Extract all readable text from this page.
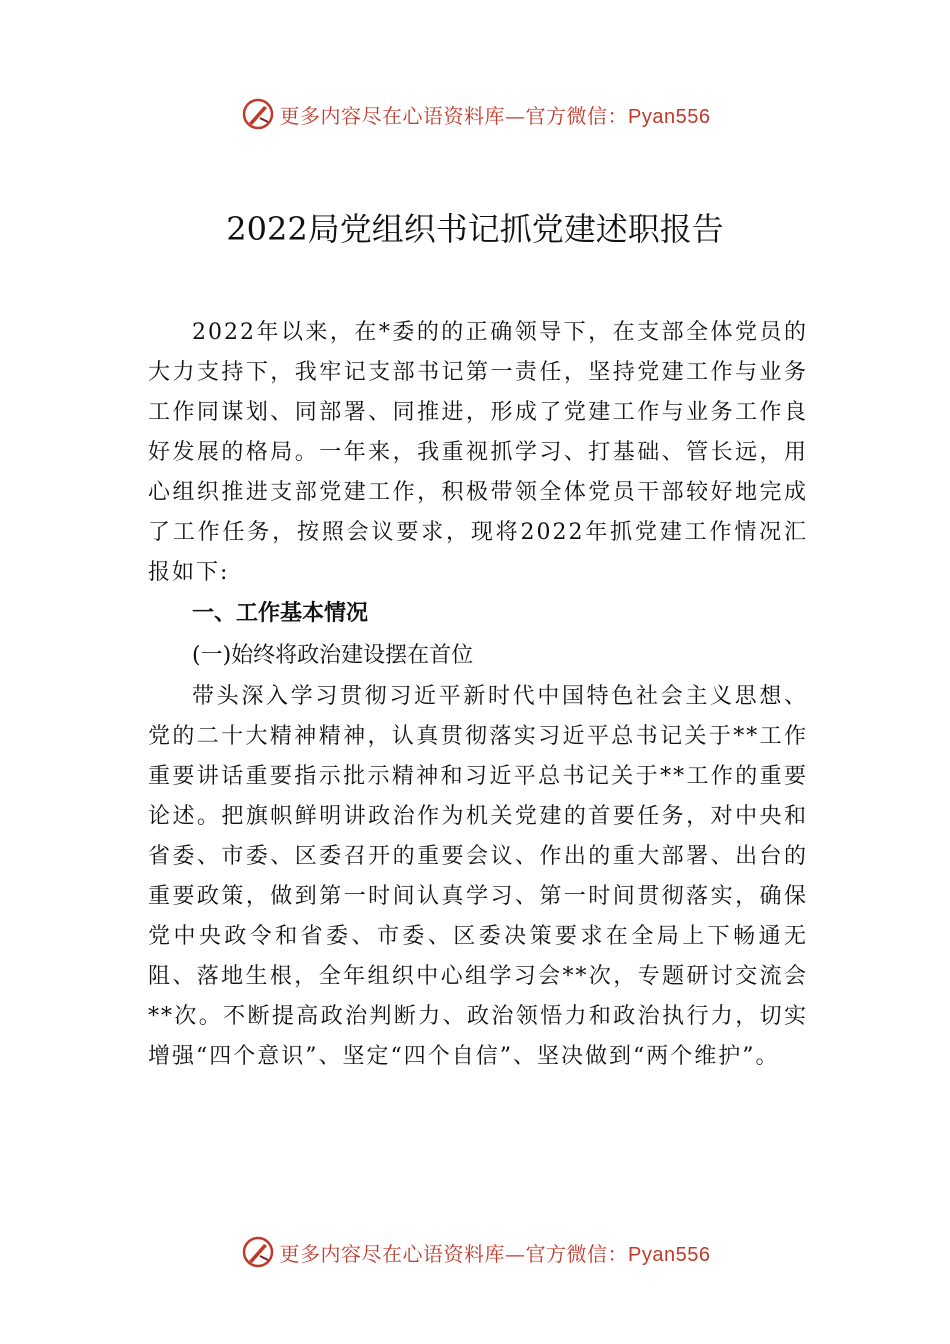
更多内容尽在心语资料库—官方微信：Pyan556
2022局党组织书记抓党建述职报告

2022年以来，在*委的的正确领导下，在支部全体党员的大力支持下，我牢记支部书记第一责任，坚持党建工作与业务工作同谋划、同部署、同推进，形成了党建工作与业务工作良好发展的格局。一年来，我重视抓学习、打基础、管长远，用心组织推进支部党建工作，积极带领全体党员干部较好地完成了工作任务，按照会议要求，现将2022年抓党建工作情况汇报如下:

一、工作基本情况
(一)始终将政治建设摆在首位

带头深入学习贯彻习近平新时代中国特色社会主义思想、党的二十大精神精神，认真贯彻落实习近平总书记关于**工作重要讲话重要指示批示精神和习近平总书记关于**工作的重要论述。把旗帜鲜明讲政治作为机关党建的首要任务，对中央和省委、市委、区委召开的重要会议、作出的重大部署、出台的重要政策，做到第一时间认真学习、第一时间贯彻落实，确保党中央政令和省委、市委、区委决策要求在全局上下畅通无阻、落地生根，全年组织中心组学习会**次，专题研讨交流会**次。不断提高政治判断力、政治领悟力和政治执行力，切实增强“四个意识”、坚定“四个自信”、坚决做到“两个维护”。

更多内容尽在心语资料库—官方微信：Pyan556
